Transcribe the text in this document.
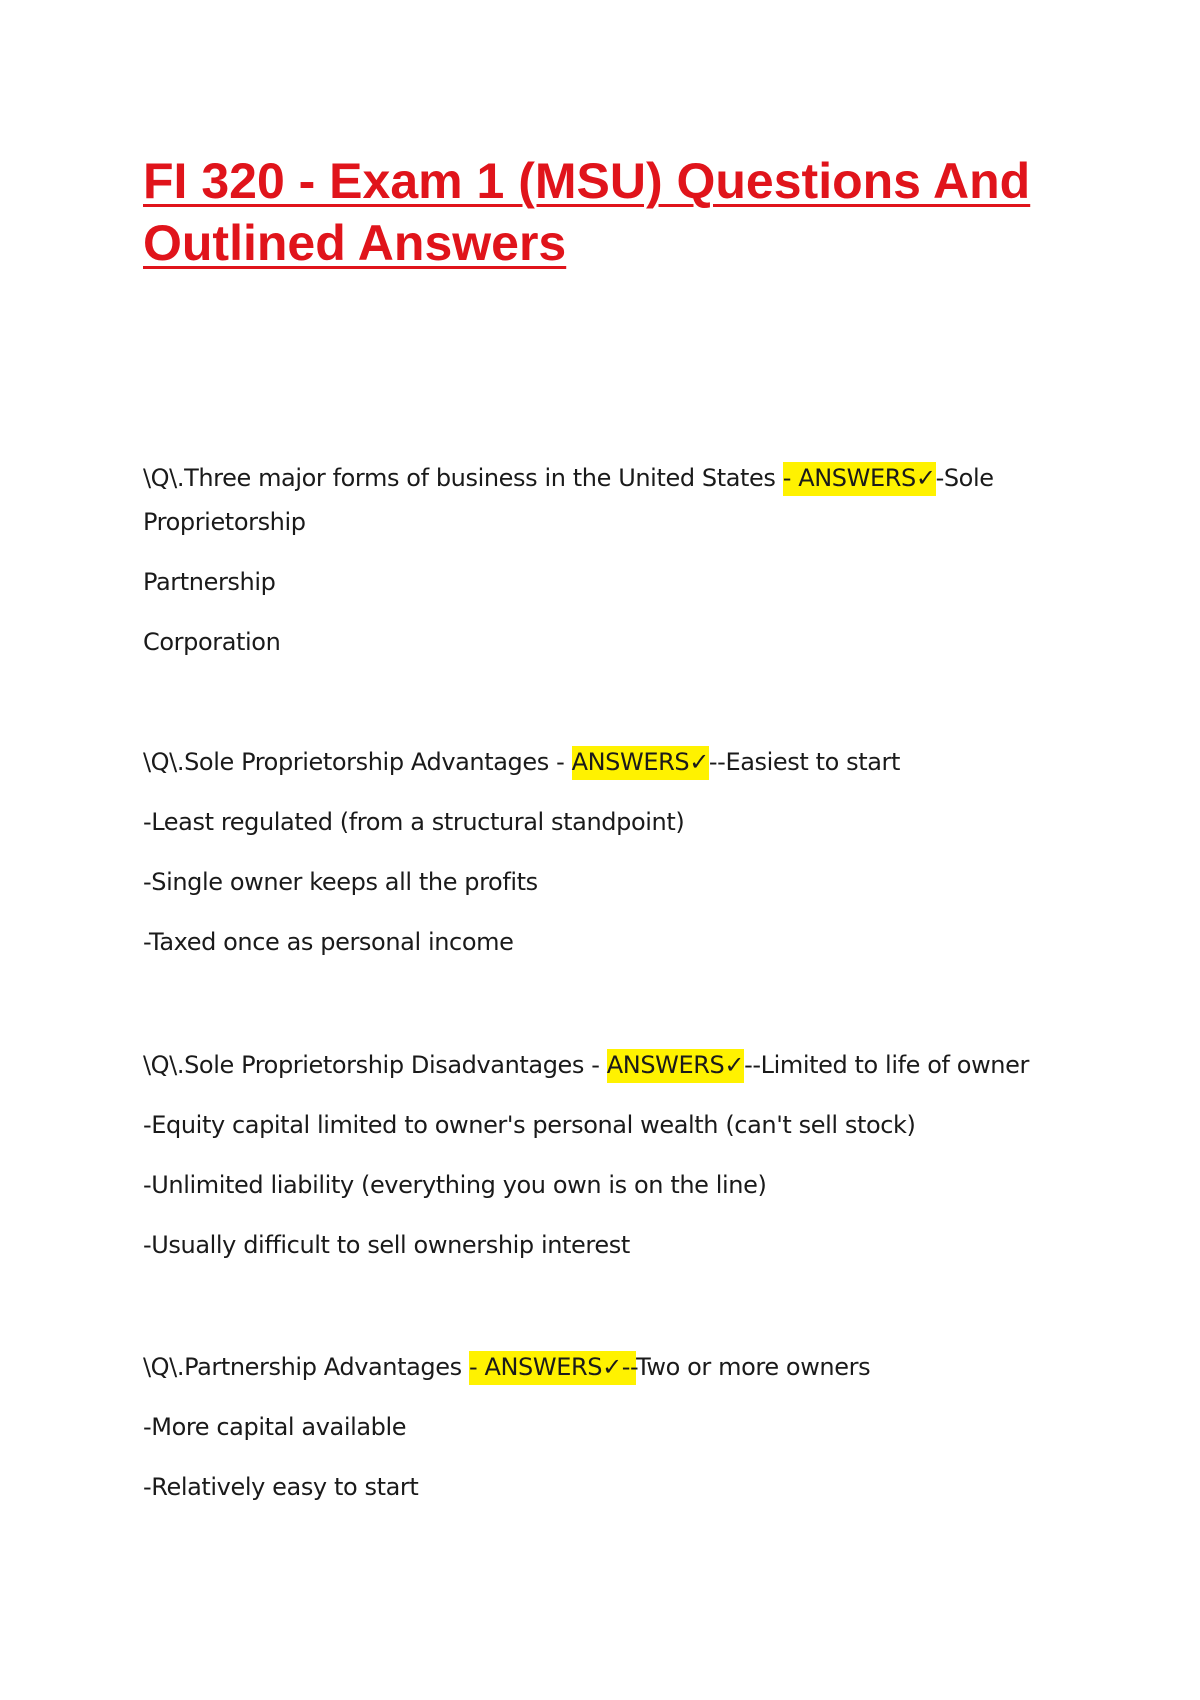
FI 320 - Exam 1 (MSU) Questions And Outlined Answers

\Q\.Three major forms of business in the United States - ANSWERS✓-Sole Proprietorship

Partnership

Corporation

\Q\.Sole Proprietorship Advantages - ANSWERS✓--Easiest to start

-Least regulated (from a structural standpoint)

-Single owner keeps all the profits

-Taxed once as personal income

\Q\.Sole Proprietorship Disadvantages - ANSWERS✓--Limited to life of owner

-Equity capital limited to owner's personal wealth (can't sell stock)

-Unlimited liability (everything you own is on the line)

-Usually difficult to sell ownership interest

\Q\.Partnership Advantages - ANSWERS✓--Two or more owners

-More capital available

-Relatively easy to start
